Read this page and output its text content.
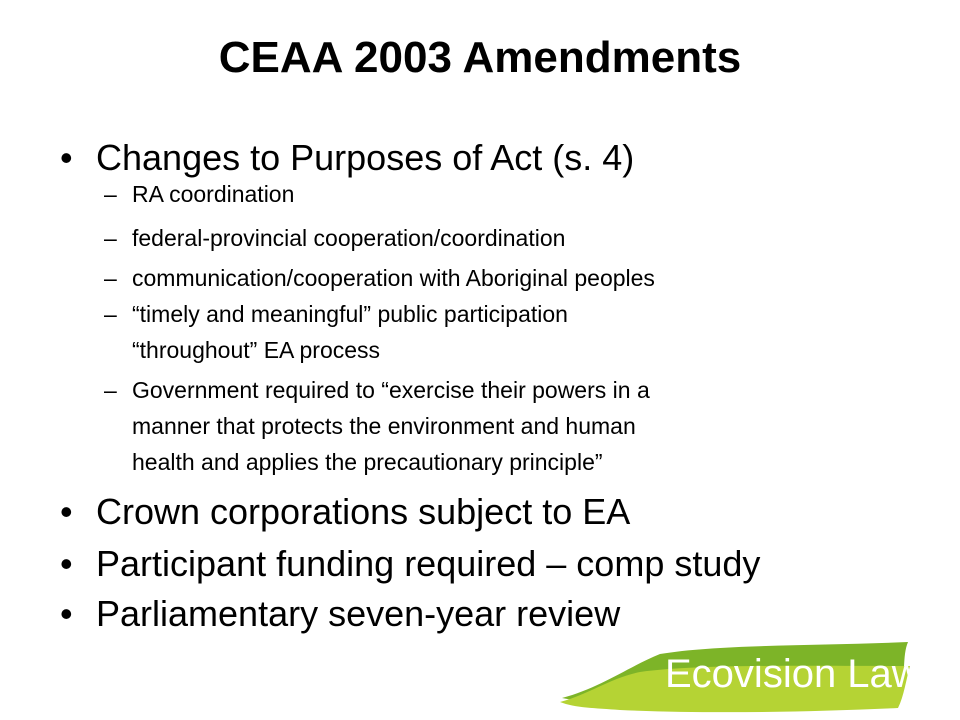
CEAA 2003 Amendments
• Changes to Purposes of Act (s. 4)
– RA coordination
– federal-provincial cooperation/coordination
– communication/cooperation with Aboriginal peoples
– “timely and meaningful” public participation
“throughout” EA process
– Government required to “exercise their powers in a
manner that protects the environment and human
health and applies the precautionary principle”
• Crown corporations subject to EA
• Participant funding required – comp study
• Parliamentary seven-year review
Ecovision Law
